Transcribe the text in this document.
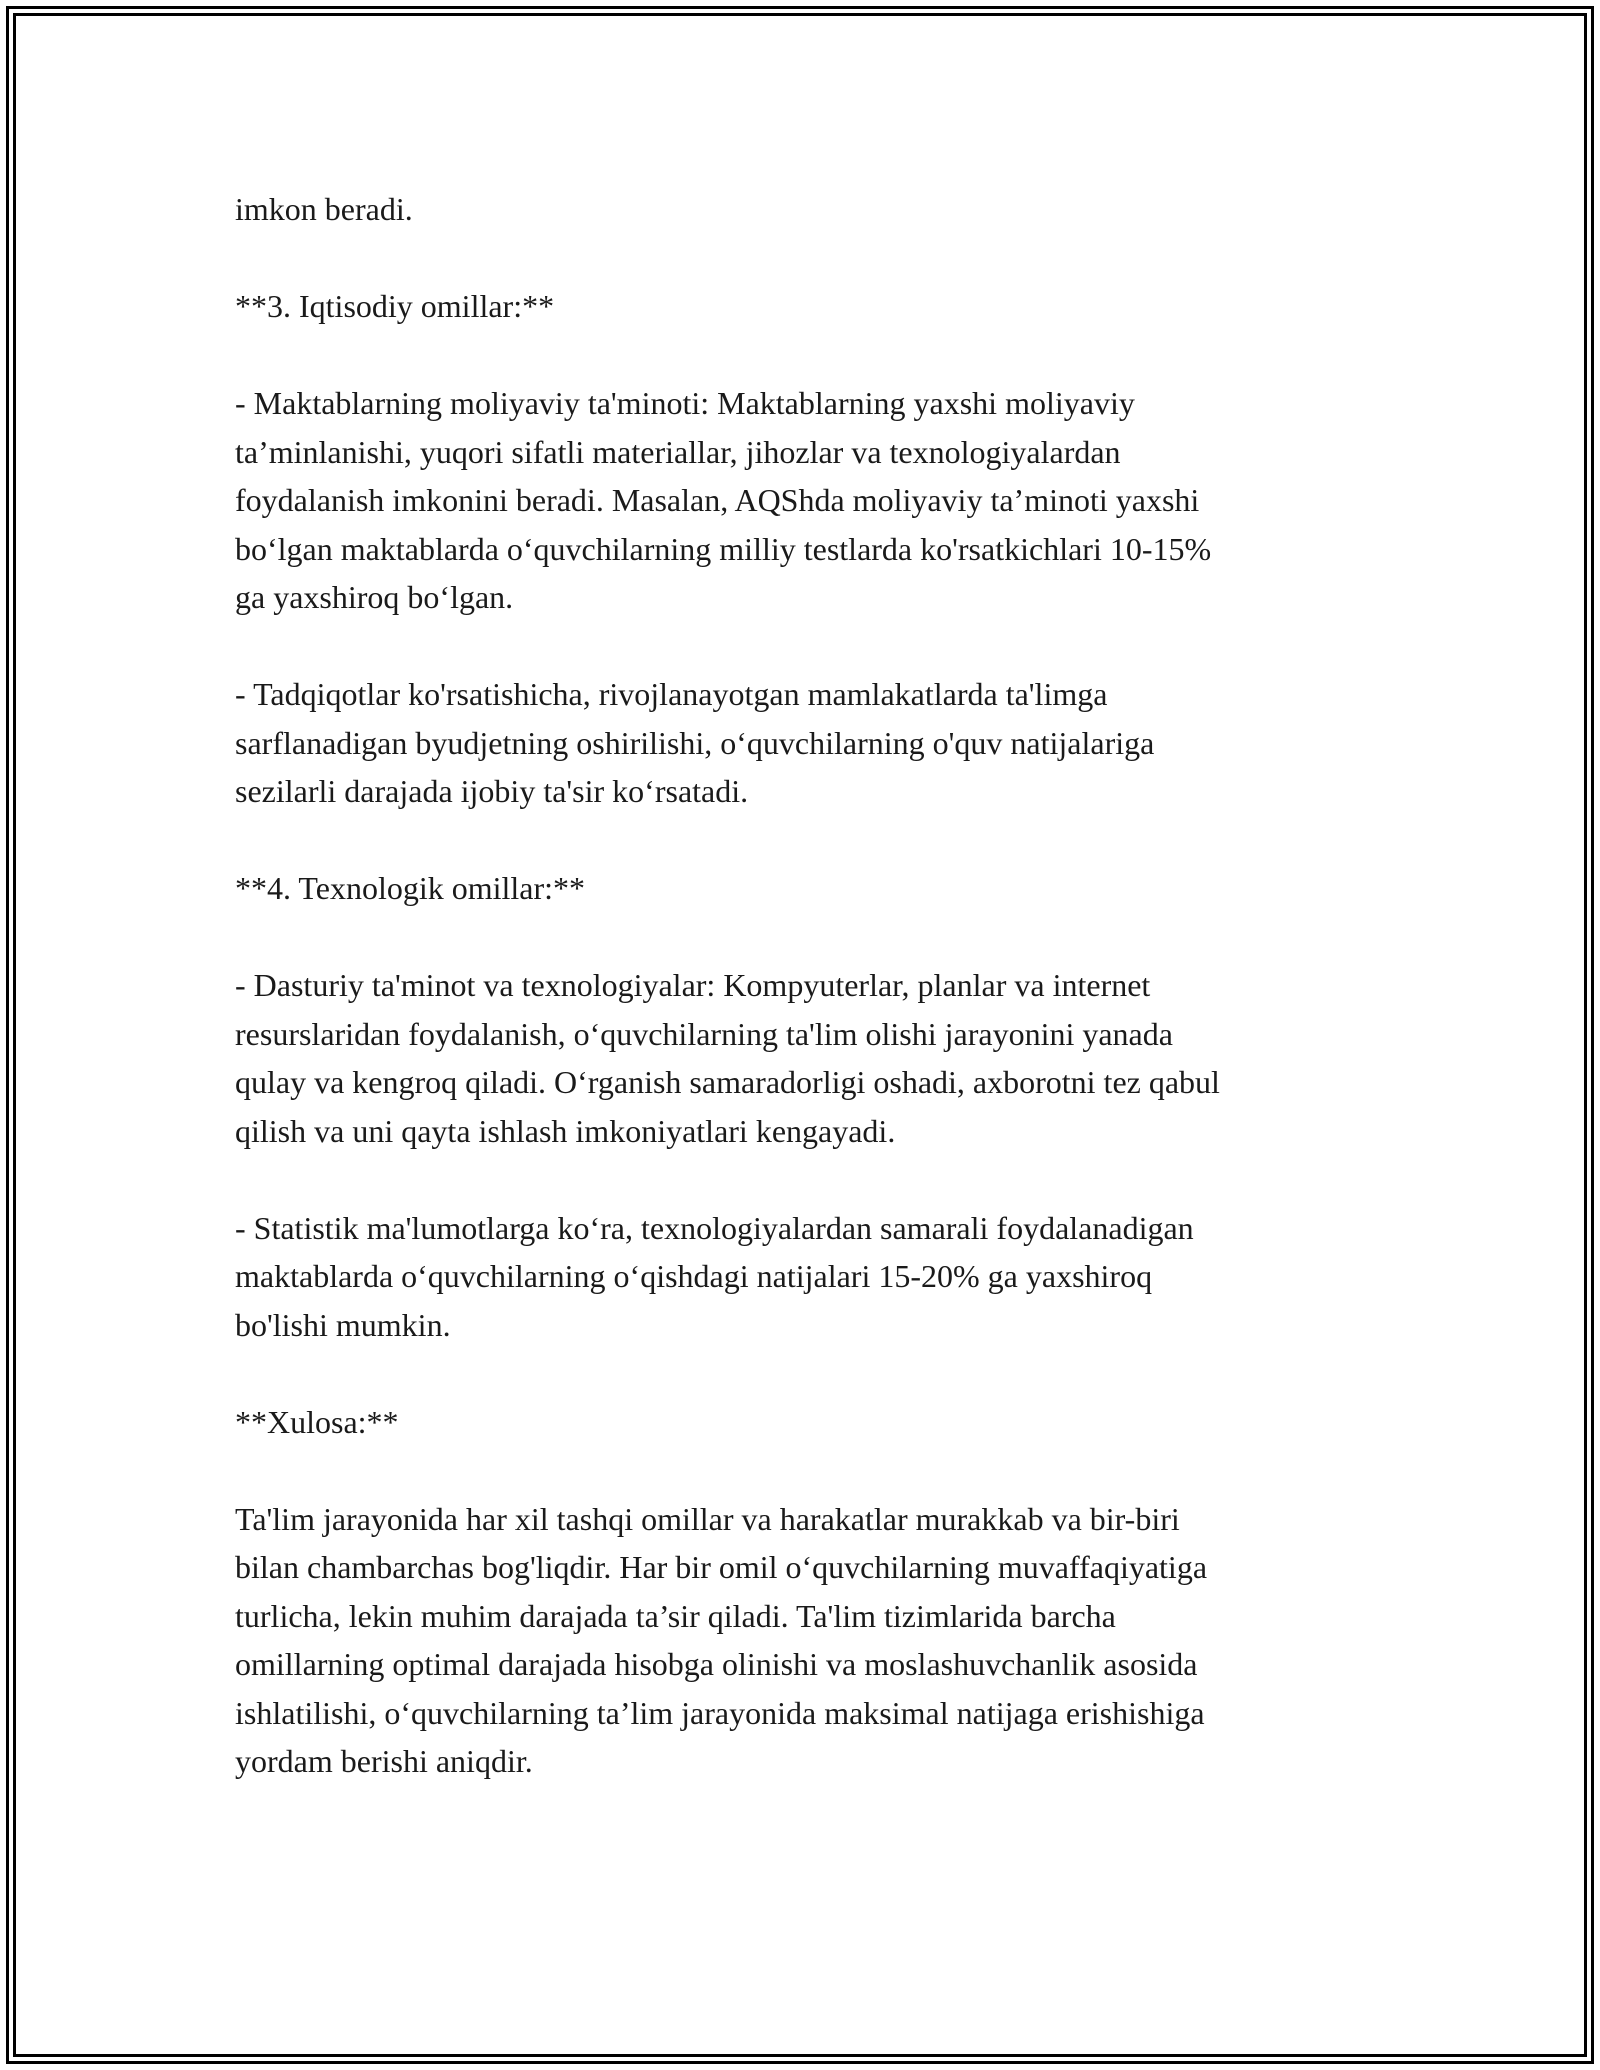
imkon beradi.

**3. Iqtisodiy omillar:**

- Maktablarning moliyaviy ta'minoti: Maktablarning yaxshi moliyaviy
ta’minlanishi, yuqori sifatli materiallar, jihozlar va texnologiyalardan
foydalanish imkonini beradi. Masalan, AQShda moliyaviy ta’minoti yaxshi
bo‘lgan maktablarda o‘quvchilarning milliy testlarda ko'rsatkichlari 10-15%
ga yaxshiroq bo‘lgan.

- Tadqiqotlar ko'rsatishicha, rivojlanayotgan mamlakatlarda ta'limga
sarflanadigan byudjetning oshirilishi, o‘quvchilarning o'quv natijalariga
sezilarli darajada ijobiy ta'sir ko‘rsatadi.

**4. Texnologik omillar:**

- Dasturiy ta'minot va texnologiyalar: Kompyuterlar, planlar va internet
resurslaridan foydalanish, o‘quvchilarning ta'lim olishi jarayonini yanada
qulay va kengroq qiladi. O‘rganish samaradorligi oshadi, axborotni tez qabul
qilish va uni qayta ishlash imkoniyatlari kengayadi.

- Statistik ma'lumotlarga ko‘ra, texnologiyalardan samarali foydalanadigan
maktablarda o‘quvchilarning o‘qishdagi natijalari 15-20% ga yaxshiroq
bo'lishi mumkin.

**Xulosa:**

Ta'lim jarayonida har xil tashqi omillar va harakatlar murakkab va bir-biri
bilan chambarchas bog'liqdir. Har bir omil o‘quvchilarning muvaffaqiyatiga
turlicha, lekin muhim darajada ta’sir qiladi. Ta'lim tizimlarida barcha
omillarning optimal darajada hisobga olinishi va moslashuvchanlik asosida
ishlatilishi, o‘quvchilarning ta’lim jarayonida maksimal natijaga erishishiga
yordam berishi aniqdir.
